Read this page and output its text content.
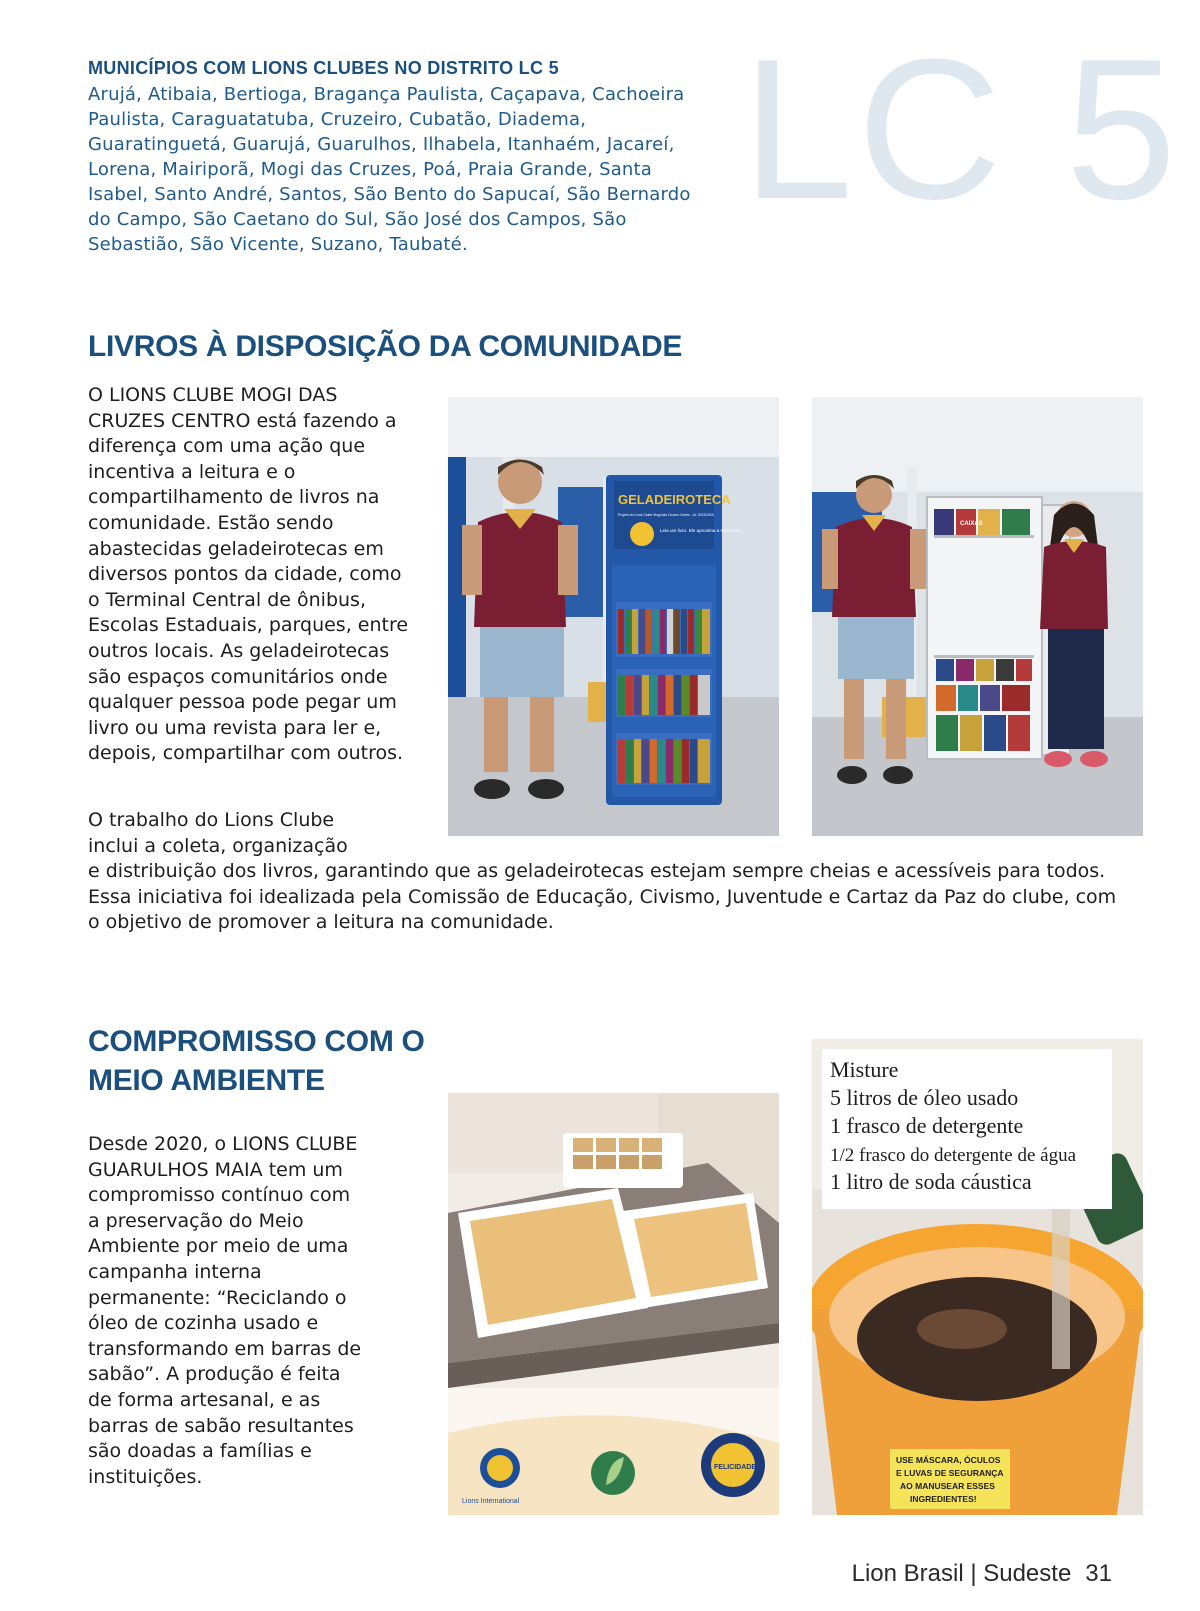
LC 5
MUNICÍPIOS COM LIONS CLUBES NO DISTRITO LC 5
Arujá, Atibaia, Bertioga, Bragança Paulista, Caçapava, Cachoeira Paulista, Caraguatatuba, Cruzeiro, Cubatão, Diadema, Guaratinguetá, Guarujá, Guarulhos, Ilhabela, Itanhaém, Jacareí, Lorena, Mairiporã, Mogi das Cruzes, Poá, Praia Grande, Santa Isabel, Santo André, Santos, São Bento do Sapucaí, São Bernardo do Campo, São Caetano do Sul, São José dos Campos, São Sebastião, São Vicente, Suzano, Taubaté.
LIVROS À DISPOSIÇÃO DA COMUNIDADE
O LIONS CLUBE MOGI DAS CRUZES CENTRO está fazendo a diferença com uma ação que incentiva a leitura e o compartilhamento de livros na comunidade. Estão sendo abastecidas geladeirotecas em diversos pontos da cidade, como o Terminal Central de ônibus, Escolas Estaduais, parques, entre outros locais. As geladeirotecas são espaços comunitários onde qualquer pessoa pode pegar um livro ou uma revista para ler e, depois, compartilhar com outros.
O trabalho do Lions Clube inclui a coleta, organização
e distribuição dos livros, garantindo que as geladeirotecas estejam sempre cheias e acessíveis para todos. Essa iniciativa foi idealizada pela Comissão de Educação, Civismo, Juventude e Cartaz da Paz do clube, com o objetivo de promover a leitura na comunidade.
GELADEIROTECA
Projeto do Lions Clube Mogi das Cruzes Centro - AL 2023/2024
Leia um livro. Ele aproxima a sabedoria.
CAIXAS
COMPROMISSO COM O
MEIO AMBIENTE
Desde 2020, o LIONS CLUBE GUARULHOS MAIA tem um compromisso contínuo com a preservação do Meio Ambiente por meio de uma campanha interna permanente: “Reciclando o óleo de cozinha usado e transformando em barras de sabão”. A produção é feita de forma artesanal, e as barras de sabão resultantes são doadas a famílias e instituições.
Lions International
FELICIDADE
Misture
5 litros de óleo usado
1 frasco de detergente
1/2 frasco do detergente de água
1 litro de soda cáustica
USE MÁSCARA, ÓCULOS
E LUVAS DE SEGURANÇA
AO MANUSEAR ESSES
INGREDIENTES!
Lion Brasil | Sudeste 31
